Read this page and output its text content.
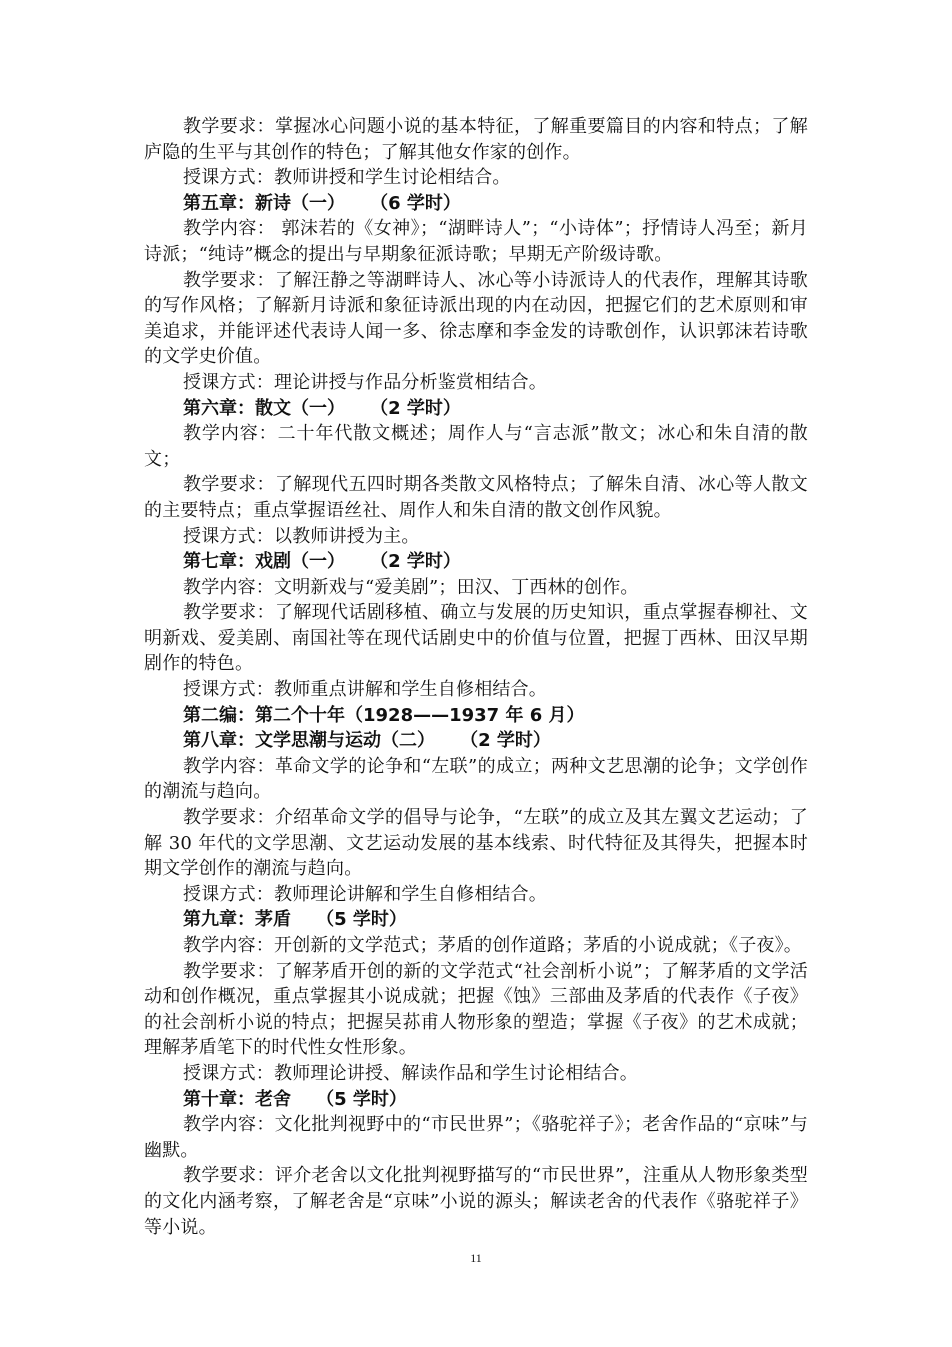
教学要求：掌握冰心问题小说的基本特征，了解重要篇目的内容和特点；了解庐隐的生平与其创作的特色；了解其他女作家的创作。

授课方式：教师讲授和学生讨论相结合。

第五章：新诗（一）    （6 学时）

教学内容： 郭沫若的《女神》；“湖畔诗人”；“小诗体”；抒情诗人冯至；新月诗派；“纯诗”概念的提出与早期象征派诗歌；早期无产阶级诗歌。

教学要求：了解汪静之等湖畔诗人、冰心等小诗派诗人的代表作，理解其诗歌的写作风格；了解新月诗派和象征诗派出现的内在动因，把握它们的艺术原则和审美追求，并能评述代表诗人闻一多、徐志摩和李金发的诗歌创作，认识郭沫若诗歌的文学史价值。

授课方式：理论讲授与作品分析鉴赏相结合。

第六章：散文（一）    （2 学时）

教学内容：二十年代散文概述；周作人与“言志派”散文；冰心和朱自清的散文；

教学要求：了解现代五四时期各类散文风格特点；了解朱自清、冰心等人散文的主要特点；重点掌握语丝社、周作人和朱自清的散文创作风貌。

授课方式：以教师讲授为主。

第七章：戏剧（一）    （2 学时）

教学内容：文明新戏与“爱美剧”；田汉、丁西林的创作。

教学要求：了解现代话剧移植、确立与发展的历史知识，重点掌握春柳社、文明新戏、爱美剧、南国社等在现代话剧史中的价值与位置，把握丁西林、田汉早期剧作的特色。

授课方式：教师重点讲解和学生自修相结合。

第二编：第二个十年（1928——1937 年 6 月）

第八章：文学思潮与运动（二）    （2 学时）

教学内容：革命文学的论争和“左联”的成立；两种文艺思潮的论争；文学创作的潮流与趋向。

教学要求：介绍革命文学的倡导与论争，“左联”的成立及其左翼文艺运动；了解 30 年代的文学思潮、文艺运动发展的基本线索、时代特征及其得失，把握本时期文学创作的潮流与趋向。

授课方式：教师理论讲解和学生自修相结合。

第九章：茅盾    （5 学时）

教学内容：开创新的文学范式；茅盾的创作道路；茅盾的小说成就；《子夜》。

教学要求：了解茅盾开创的新的文学范式“社会剖析小说”；了解茅盾的文学活动和创作概况，重点掌握其小说成就；把握《蚀》三部曲及茅盾的代表作《子夜》的社会剖析小说的特点；把握吴荪甫人物形象的塑造；掌握《子夜》的艺术成就；理解茅盾笔下的时代性女性形象。

授课方式：教师理论讲授、解读作品和学生讨论相结合。

第十章：老舍    （5 学时）

教学内容：文化批判视野中的“市民世界”；《骆驼祥子》；老舍作品的“京味”与幽默。

教学要求：评介老舍以文化批判视野描写的“市民世界”，注重从人物形象类型的文化内涵考察，了解老舍是“京味”小说的源头；解读老舍的代表作《骆驼祥子》等小说。

11
